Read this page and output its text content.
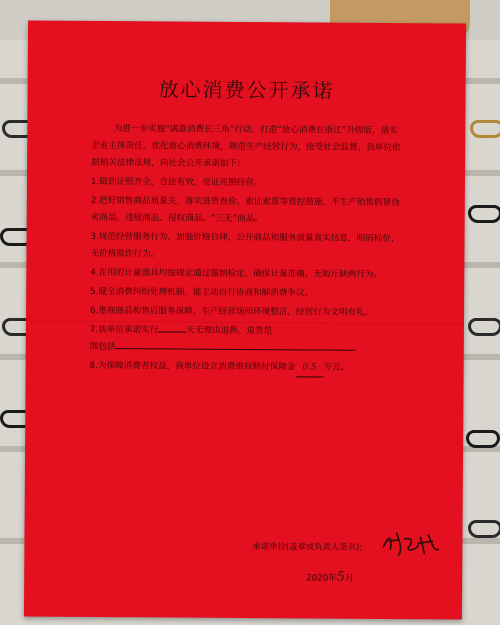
放心消费公开承诺

为进一步实施“满意消费长三角”行动，打造“放心消费在浙江”升级版，落实企业主体责任，优化放心消费环境，规范生产经营行为，接受社会监督，我单位依据相关法律法规，向社会公开承诺如下：

1.做到证照齐全、合法有效，亮证亮照经营。

2.把好销售商品质量关，落实进货查验、索证索票等管控措施，不生产销售假冒伪劣商品、违规商品、侵权商品、“三无”商品。

3.规范经营服务行为，加强价格自律，公开商品和服务质量真实信息，明码标价，无价格欺诈行为。

4.在用的计量器具均按规定通过强制检定，确保计量准确，无短斤缺两行为。

5.健全消费纠纷处理机制，能主动自行协商和解消费争议。

6.重视商品和售后服务保障，生产经营场所环境整洁，经营行为文明有礼。

7.我单位承诺实行	天无理由退换、退货范
围包括

8.为保障消费者权益，我单位设立消费维权赔付保障金 0.5 万元。

承诺单位(盖章或负责人签名):
2020年5月
